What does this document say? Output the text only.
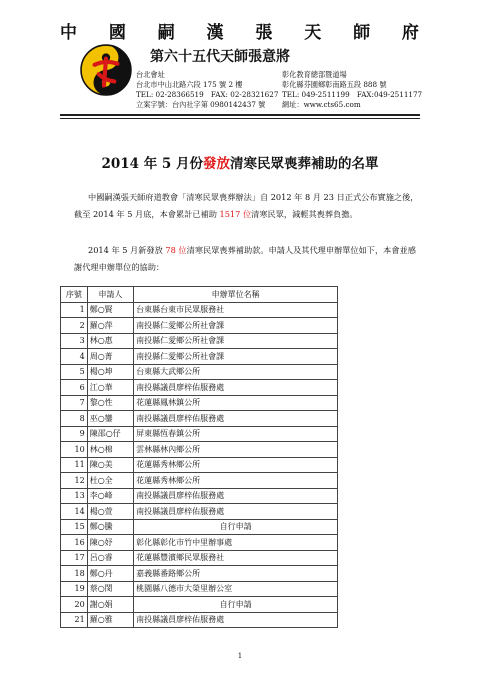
中 國 嗣 漢 張 天 師 府
第六十五代天師張意將
台北會址
台北市中山北路六段 175 號 2 樓
TEL: 02-28366519　FAX: 02-28321627
立案字號：台內社字第 0980142437 號
彰化教育總部暨道場
彰化縣芬園鄉彰南路五段 888 號
TEL: 049-2511199　FAX:049-2511177
網址：www.cts65.com
2014 年 5 月份發放清寒民眾喪葬補助的名單
中國嗣漢張天師府道教會「清寒民眾喪葬辦法」自 2012 年 8 月 23 日正式公布實施之後，截至 2014 年 5 月底，本會累計已補助 1517 位清寒民眾，減輕其喪葬負擔。
2014 年 5 月新發放 78 位清寒民眾喪葬補助款。申請人及其代理申辦單位如下，本會並感謝代理申辦單位的協助：
序號	申請人	申辦單位名稱
1	鄭○賢	台東縣台東市民眾服務社
2	羅○萍	南投縣仁愛鄉公所社會課
3	林○惠	南投縣仁愛鄉公所社會課
4	周○菁	南投縣仁愛鄉公所社會課
5	楊○坤	台東縣大武鄉公所
6	江○華	南投縣議員廖梓佑服務處
7	黎○性	花蓮縣鳳林鎮公所
8	巫○鑾	南投縣議員廖梓佑服務處
9	陳邵○仔	屏東縣恆春鎮公所
10	林○棉	雲林縣林內鄉公所
11	陳○美	花蓮縣秀林鄉公所
12	杜○全	花蓮縣秀林鄉公所
13	李○峰	南投縣議員廖梓佑服務處
14	楊○萱	南投縣議員廖梓佑服務處
15	鄭○騰	自行申請
16	陳○妤	彰化縣彰化市竹中里辦事處
17	呂○睿	花蓮縣豐濱鄉民眾服務社
18	鄭○丹	嘉義縣番路鄉公所
19	蔡○閔	桃園縣八德市大榮里辦公室
20	謝○娟	自行申請
21	羅○雅	南投縣議員廖梓佑服務處
1
